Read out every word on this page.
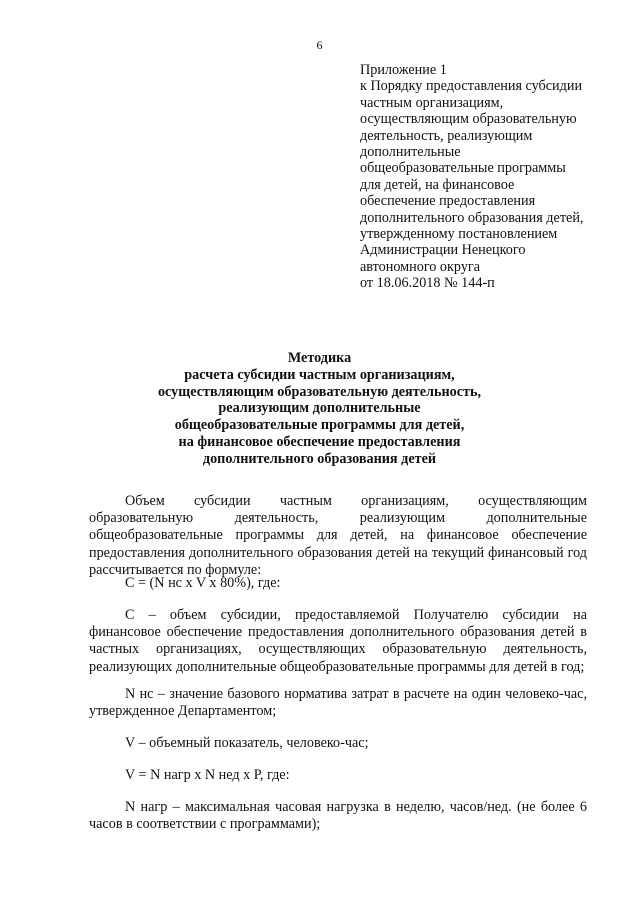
6
Приложение 1
к Порядку предоставления субсидии
частным организациям,
осуществляющим образовательную
деятельность, реализующим
дополнительные
общеобразовательные программы
для детей, на финансовое
обеспечение предоставления
дополнительного образования детей,
утвержденному постановлением
Администрации Ненецкого
автономного округа
от 18.06.2018 № 144-п
Методика
расчета субсидии частным организациям,
осуществляющим образовательную деятельность,
реализующим дополнительные
общеобразовательные программы для детей,
на финансовое обеспечение предоставления
дополнительного образования детей

Объем субсидии частным организациям, осуществляющим образовательную деятельность, реализующим дополнительные общеобразовательные программы для детей, на финансовое обеспечение предоставления дополнительного образования детей на текущий финансовый год рассчитывается по формуле:

С = (N нс x V x 80%), где:

С – объем субсидии, предоставляемой Получателю субсидии на финансовое обеспечение предоставления дополнительного образования детей в частных организациях, осуществляющих образовательную деятельность, реализующих дополнительные общеобразовательные программы для детей в год;

N нс – значение базового норматива затрат в расчете на один человеко-час, утвержденное Департаментом;

V – объемный показатель, человеко-час;
V = N нагр x N нед x Р, где:

N нагр – максимальная часовая нагрузка в неделю, часов/нед. (не более 6 часов в соответствии с программами);
